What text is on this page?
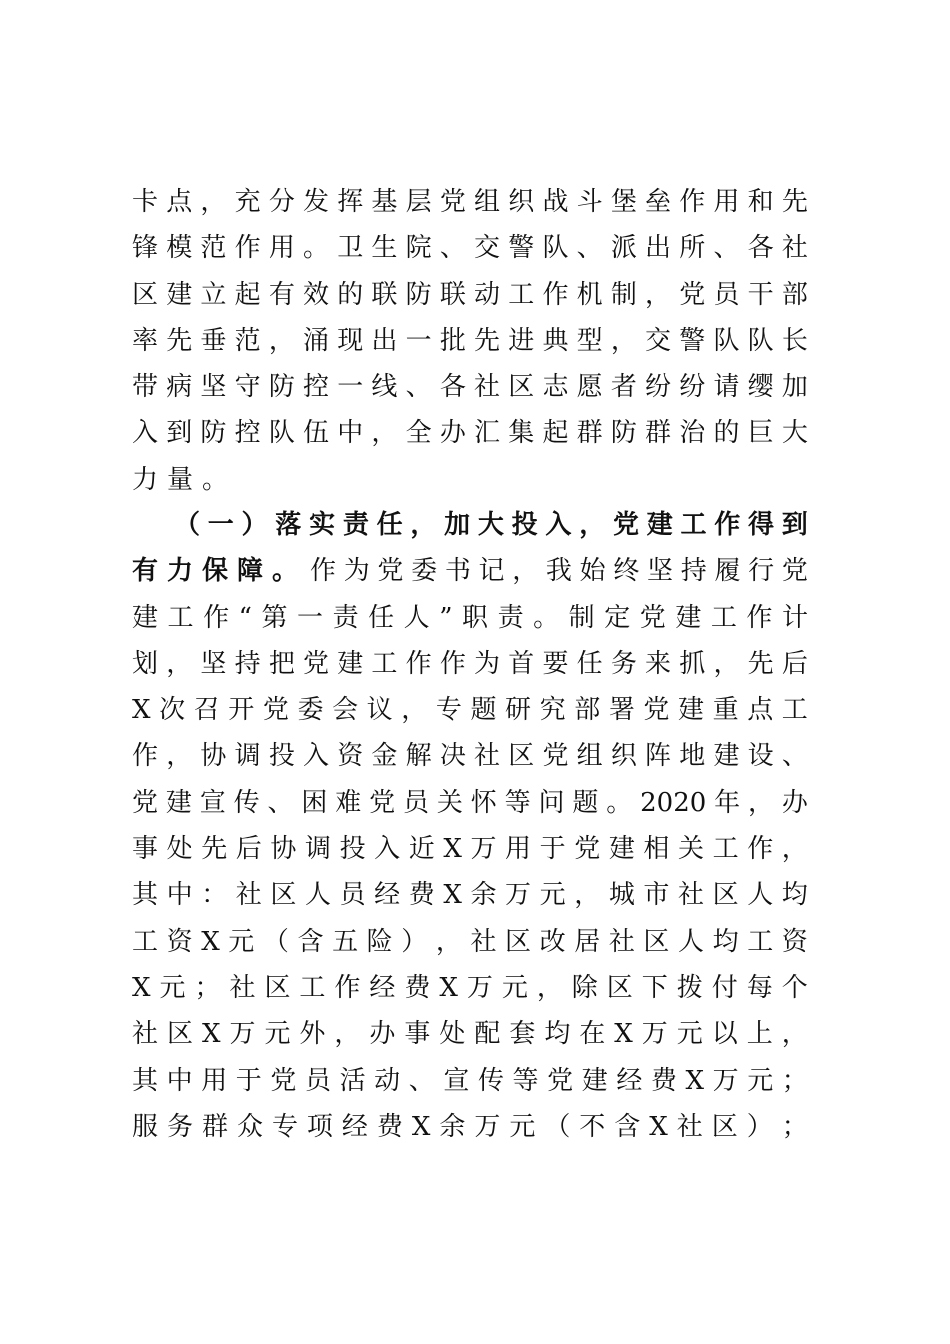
卡 点 ， 充 分 发 挥 基 层 党 组 织 战 斗 堡 垒 作 用 和 先
锋 模 范 作 用 。 卫 生 院 、 交 警 队 、 派 出 所 、 各 社
区 建 立 起 有 效 的 联 防 联 动 工 作 机 制 ， 党 员 干 部
率 先 垂 范 ， 涌 现 出 一 批 先 进 典 型 ， 交 警 队 队 长
带 病 坚 守 防 控 一 线 、 各 社 区 志 愿 者 纷 纷 请 缨 加
入 到 防 控 队 伍 中 ， 全 办 汇 集 起 群 防 群 治 的 巨 大
力 量 。
（ 一 ） 落 实 责 任 ， 加 大 投 入 ， 党 建 工 作 得 到
有 力 保 障 。 作 为 党 委 书 记 ， 我 始 终 坚 持 履 行 党
建 工 作 “ 第 一 责 任 人 ” 职 责 。 制 定 党 建 工 作 计
划 ， 坚 持 把 党 建 工 作 作 为 首 要 任 务 来 抓 ， 先 后
X 次 召 开 党 委 会 议 ， 专 题 研 究 部 署 党 建 重 点 工
作 ， 协 调 投 入 资 金 解 决 社 区 党 组 织 阵 地 建 设 、
党 建 宣 传 、 困 难 党 员 关 怀 等 问 题 。 2020 年 ， 办
事 处 先 后 协 调 投 入 近 X 万 用 于 党 建 相 关 工 作 ，
其 中 ： 社 区 人 员 经 费 X 余 万 元 ， 城 市 社 区 人 均
工 资 X 元 （ 含 五 险 ） ， 社 区 改 居 社 区 人 均 工 资
X 元 ； 社 区 工 作 经 费 X 万 元 ， 除 区 下 拨 付 每 个
社 区 X 万 元 外 ， 办 事 处 配 套 均 在 X 万 元 以 上 ，
其 中 用 于 党 员 活 动 、 宣 传 等 党 建 经 费 X 万 元 ；
服 务 群 众 专 项 经 费 X 余 万 元 （ 不 含 X 社 区 ） ；
